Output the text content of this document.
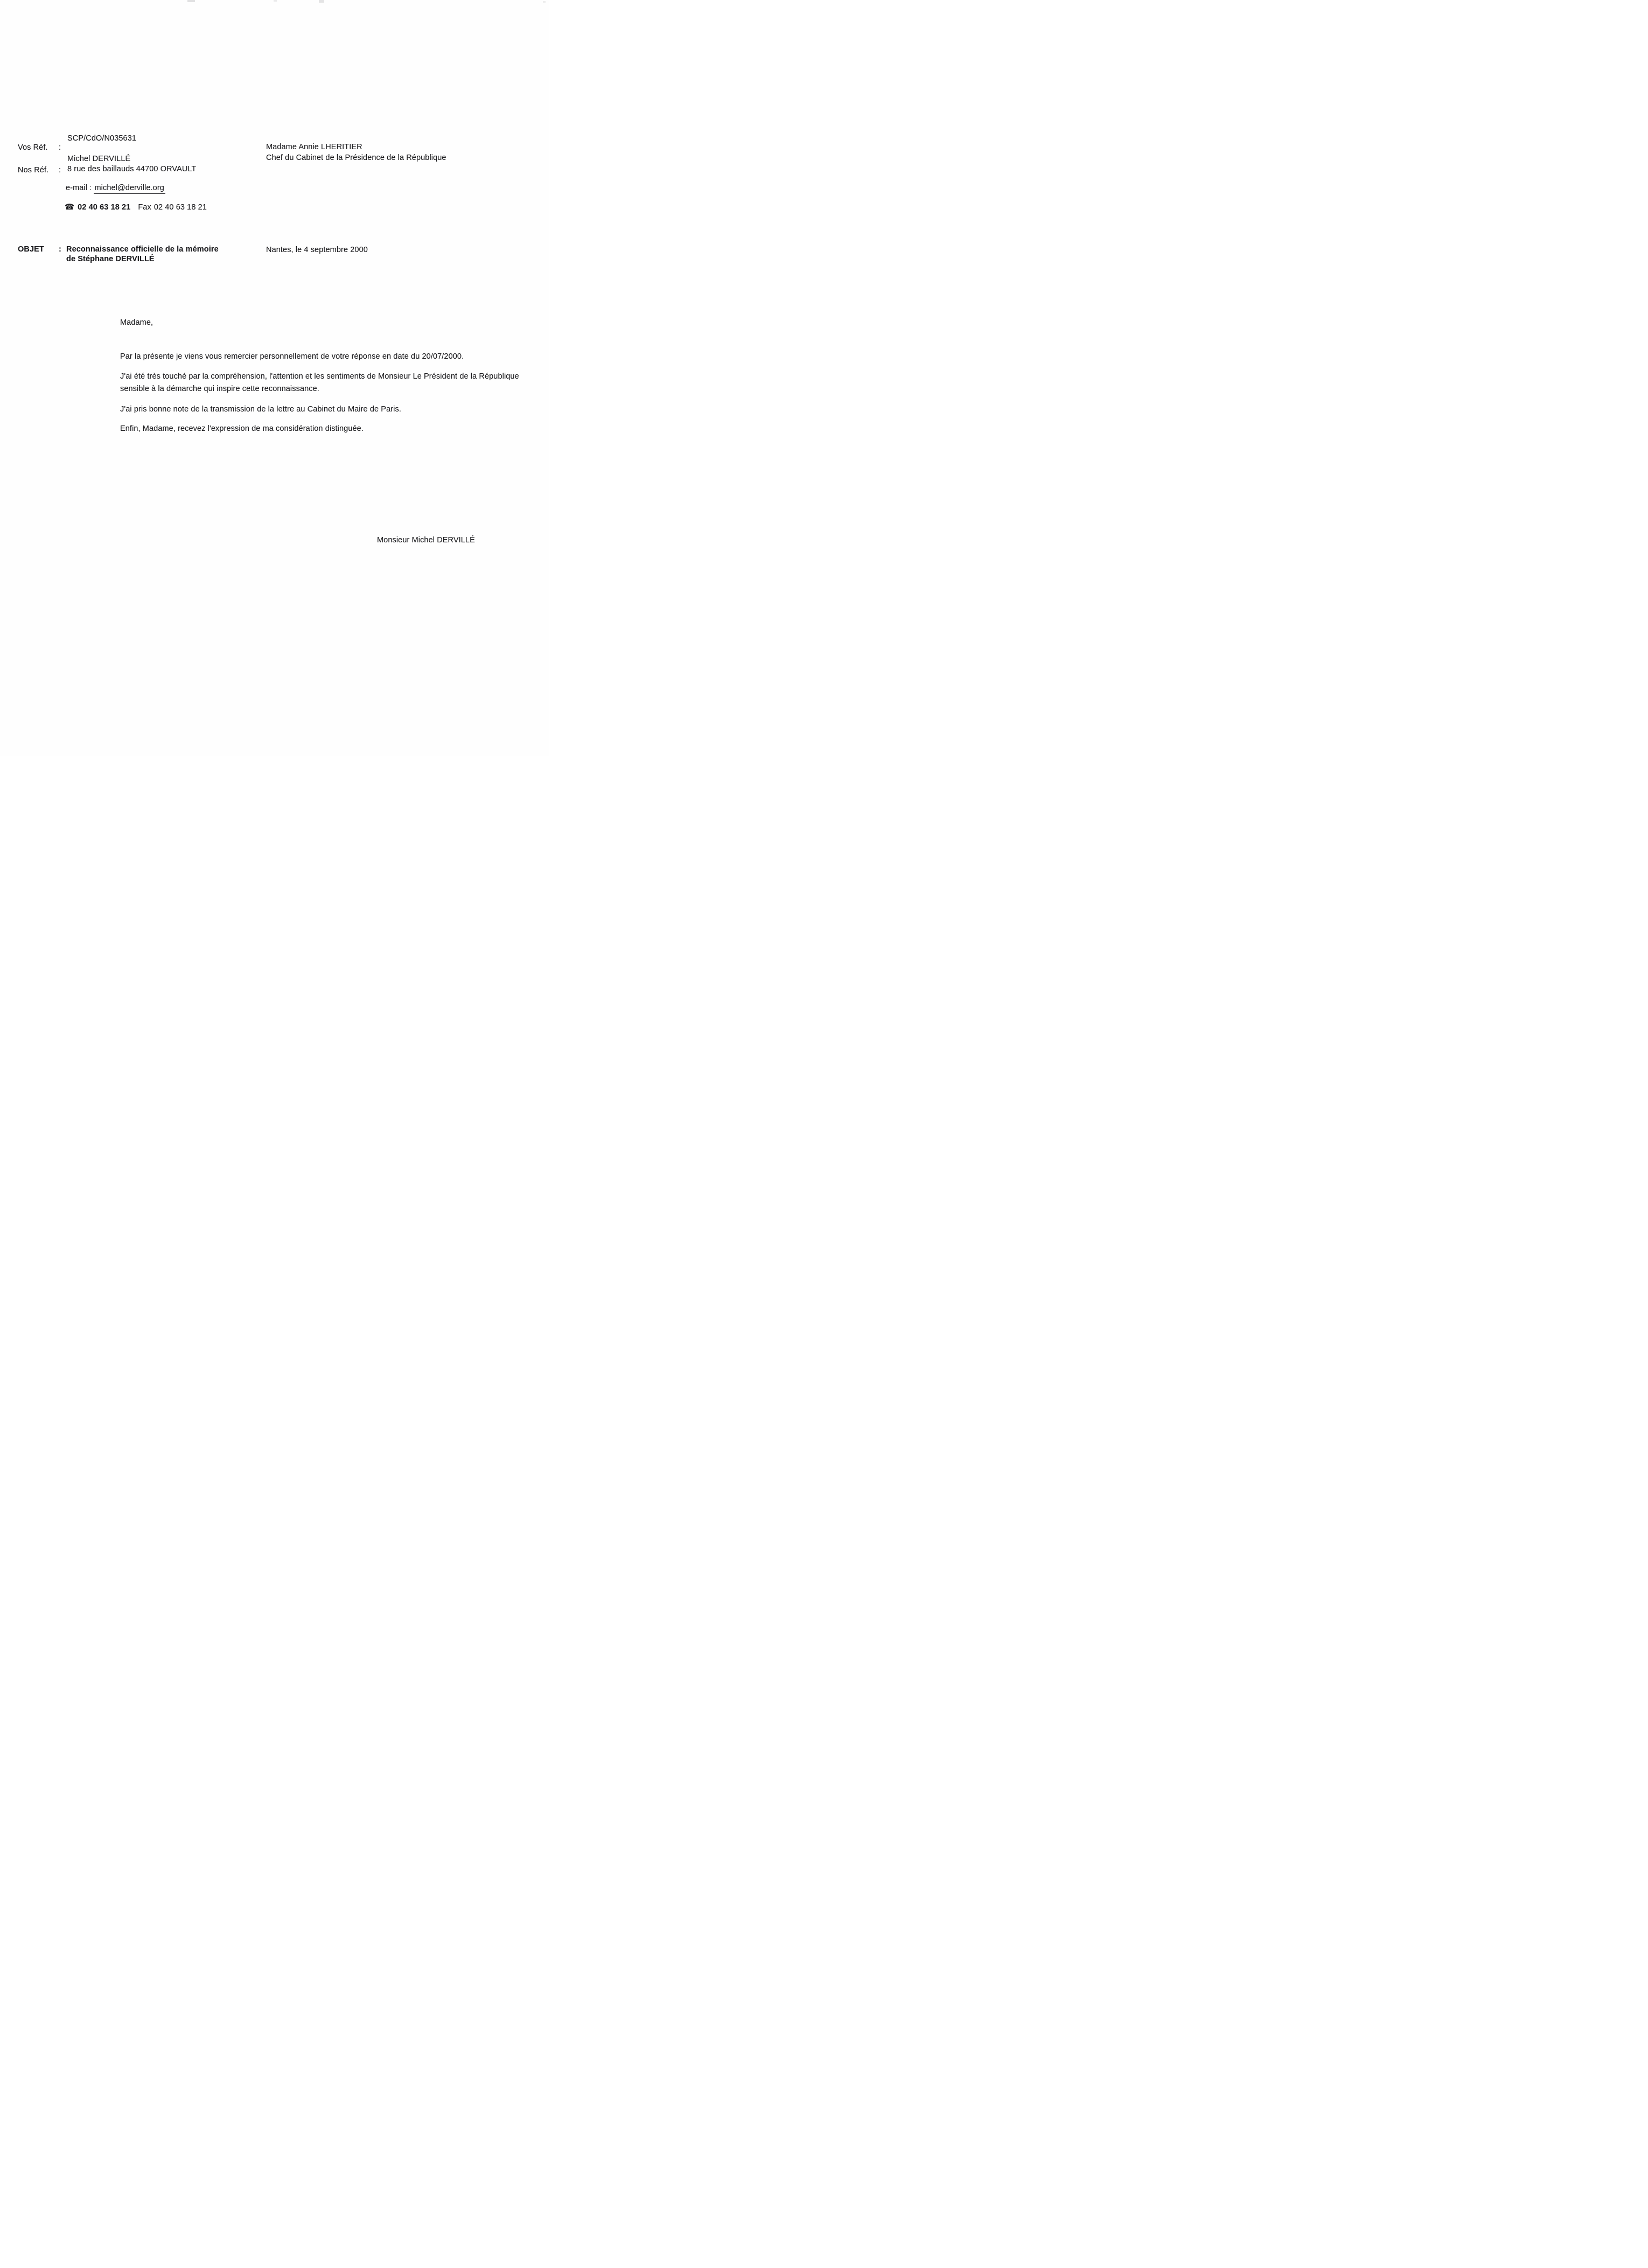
SCP/CdO/N035631
Vos Réf. :
Michel DERVILLÉ
Nos Réf. : 8 rue des baillauds 44700 ORVAULT
e-mail : michel@derville.org
☎ 02 40 63 18 21 Fax 02 40 63 18 21
Madame Annie LHERITIER
Chef du Cabinet de la Présidence de la République
OBJET : Reconnaissance officielle de la mémoire
de Stéphane DERVILLÉ
Nantes, le 4 septembre 2000
Madame,

Par la présente je viens vous remercier personnellement de votre réponse en date du 20/07/2000.

J'ai été très touché par la compréhension, l'attention et les sentiments de Monsieur Le Président de la République sensible à la démarche qui inspire cette reconnaissance.

J'ai pris bonne note de la transmission de la lettre au Cabinet du Maire de Paris.

Enfin, Madame, recevez l'expression de ma considération distinguée.

Monsieur Michel DERVILLÉ
